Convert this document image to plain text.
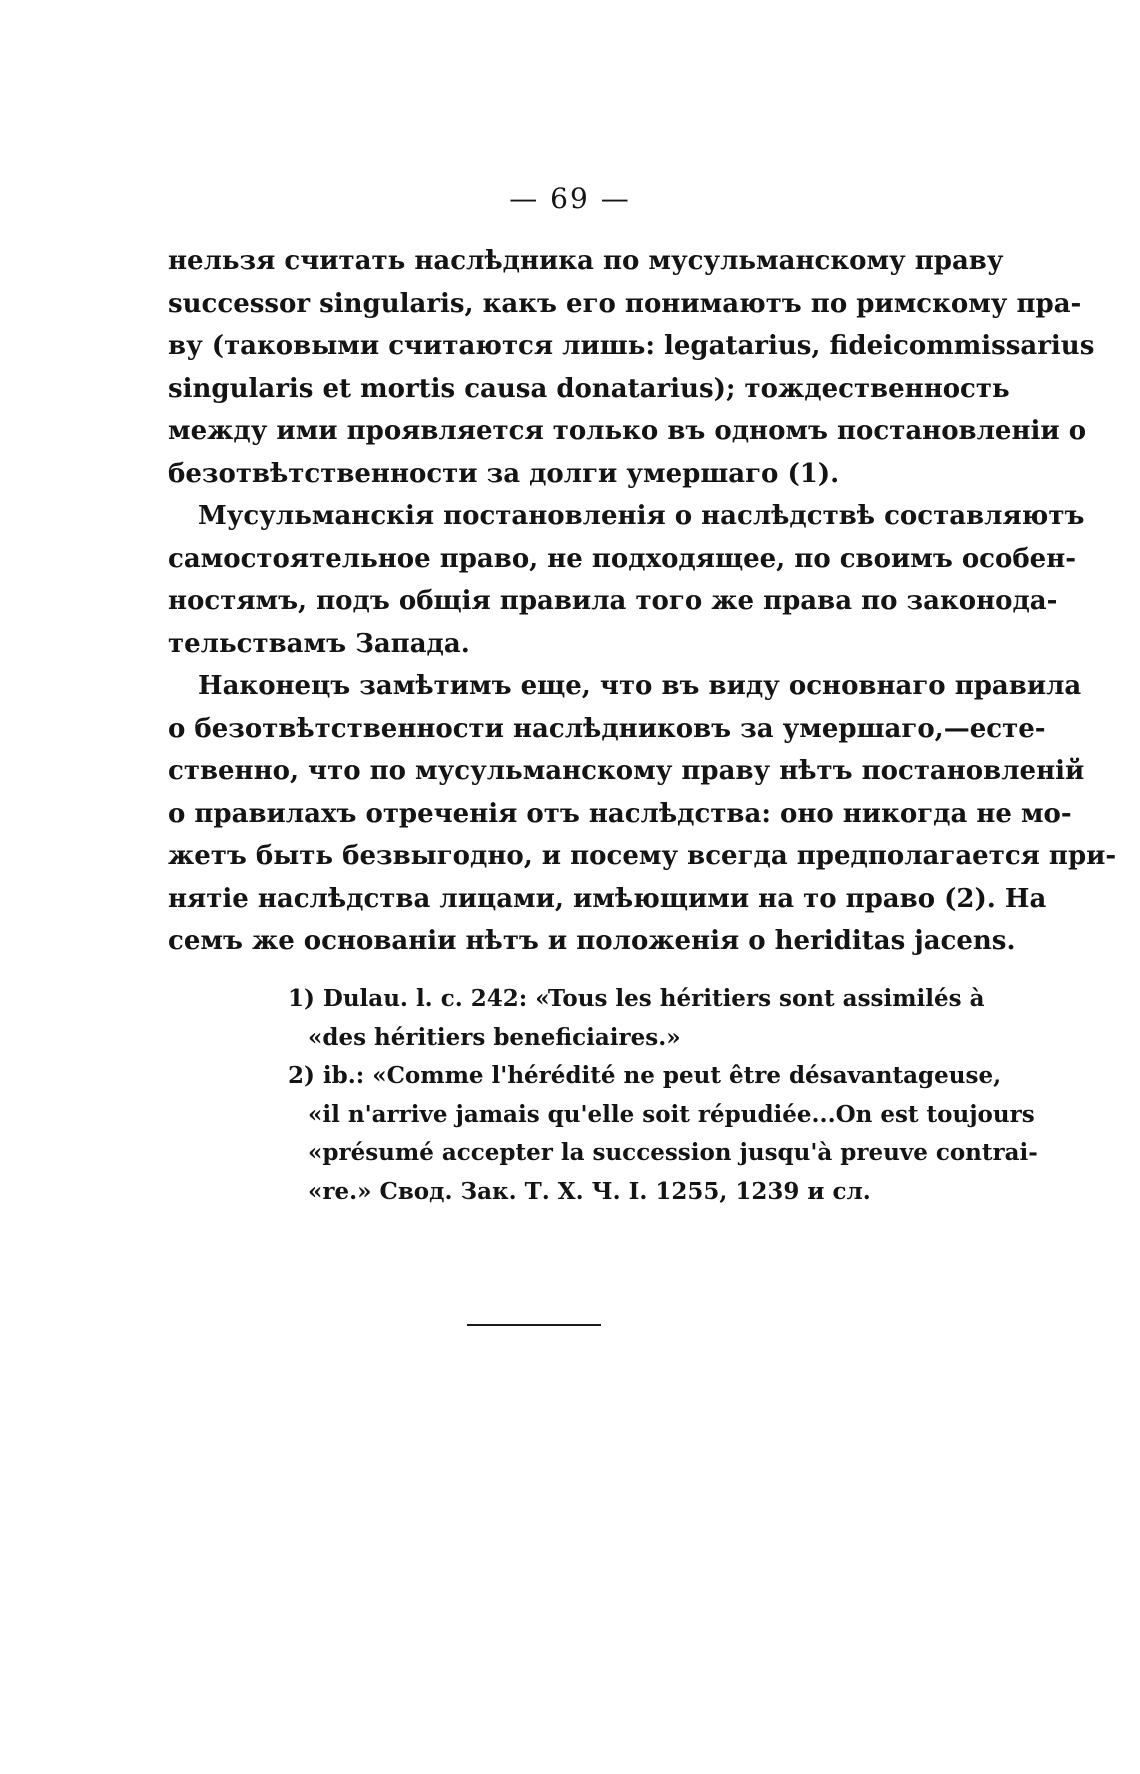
— 69 —
нельзя считать наслѣдника по мусульманскому праву
successor singularis, какъ его понимаютъ по римскому пра-
ву (таковыми считаются лишь: legatarius, fideicommissarius
singularis et mortis causa donatarius); тождественность
между ими проявляется только въ одномъ постановленіи о
безотвѣтственности за долги умершаго (1).
Мусульманскія постановленія о наслѣдствѣ составляютъ
самостоятельное право, не подходящее, по своимъ особен-
ностямъ, подъ общія правила того же права по законода-
тельствамъ Запада.
Наконецъ замѣтимъ еще, что въ виду основнаго правила
о безотвѣтственности наслѣдниковъ за умершаго,—есте-
ственно, что по мусульманскому праву нѣтъ постановленій
о правилахъ отреченія отъ наслѣдства: оно никогда не мо-
жетъ быть безвыгодно, и посему всегда предполагается при-
нятіе наслѣдства лицами, имѣющими на то право (2). На
семъ же основаніи нѣтъ и положенія о heriditas jacens.
1) Dulau. l. c. 242: «Tous les héritiers sont assimilés à
«des héritiers beneficiaires.»
2) ib.: «Comme l'hérédité ne peut être désavantageuse,
«il n'arrive jamais qu'elle soit répudiée...On est toujours
«présumé accepter la succession jusqu'à preuve contrai-
«re.» Свод. Зак. Т. X. Ч. I. 1255, 1239 и сл.
